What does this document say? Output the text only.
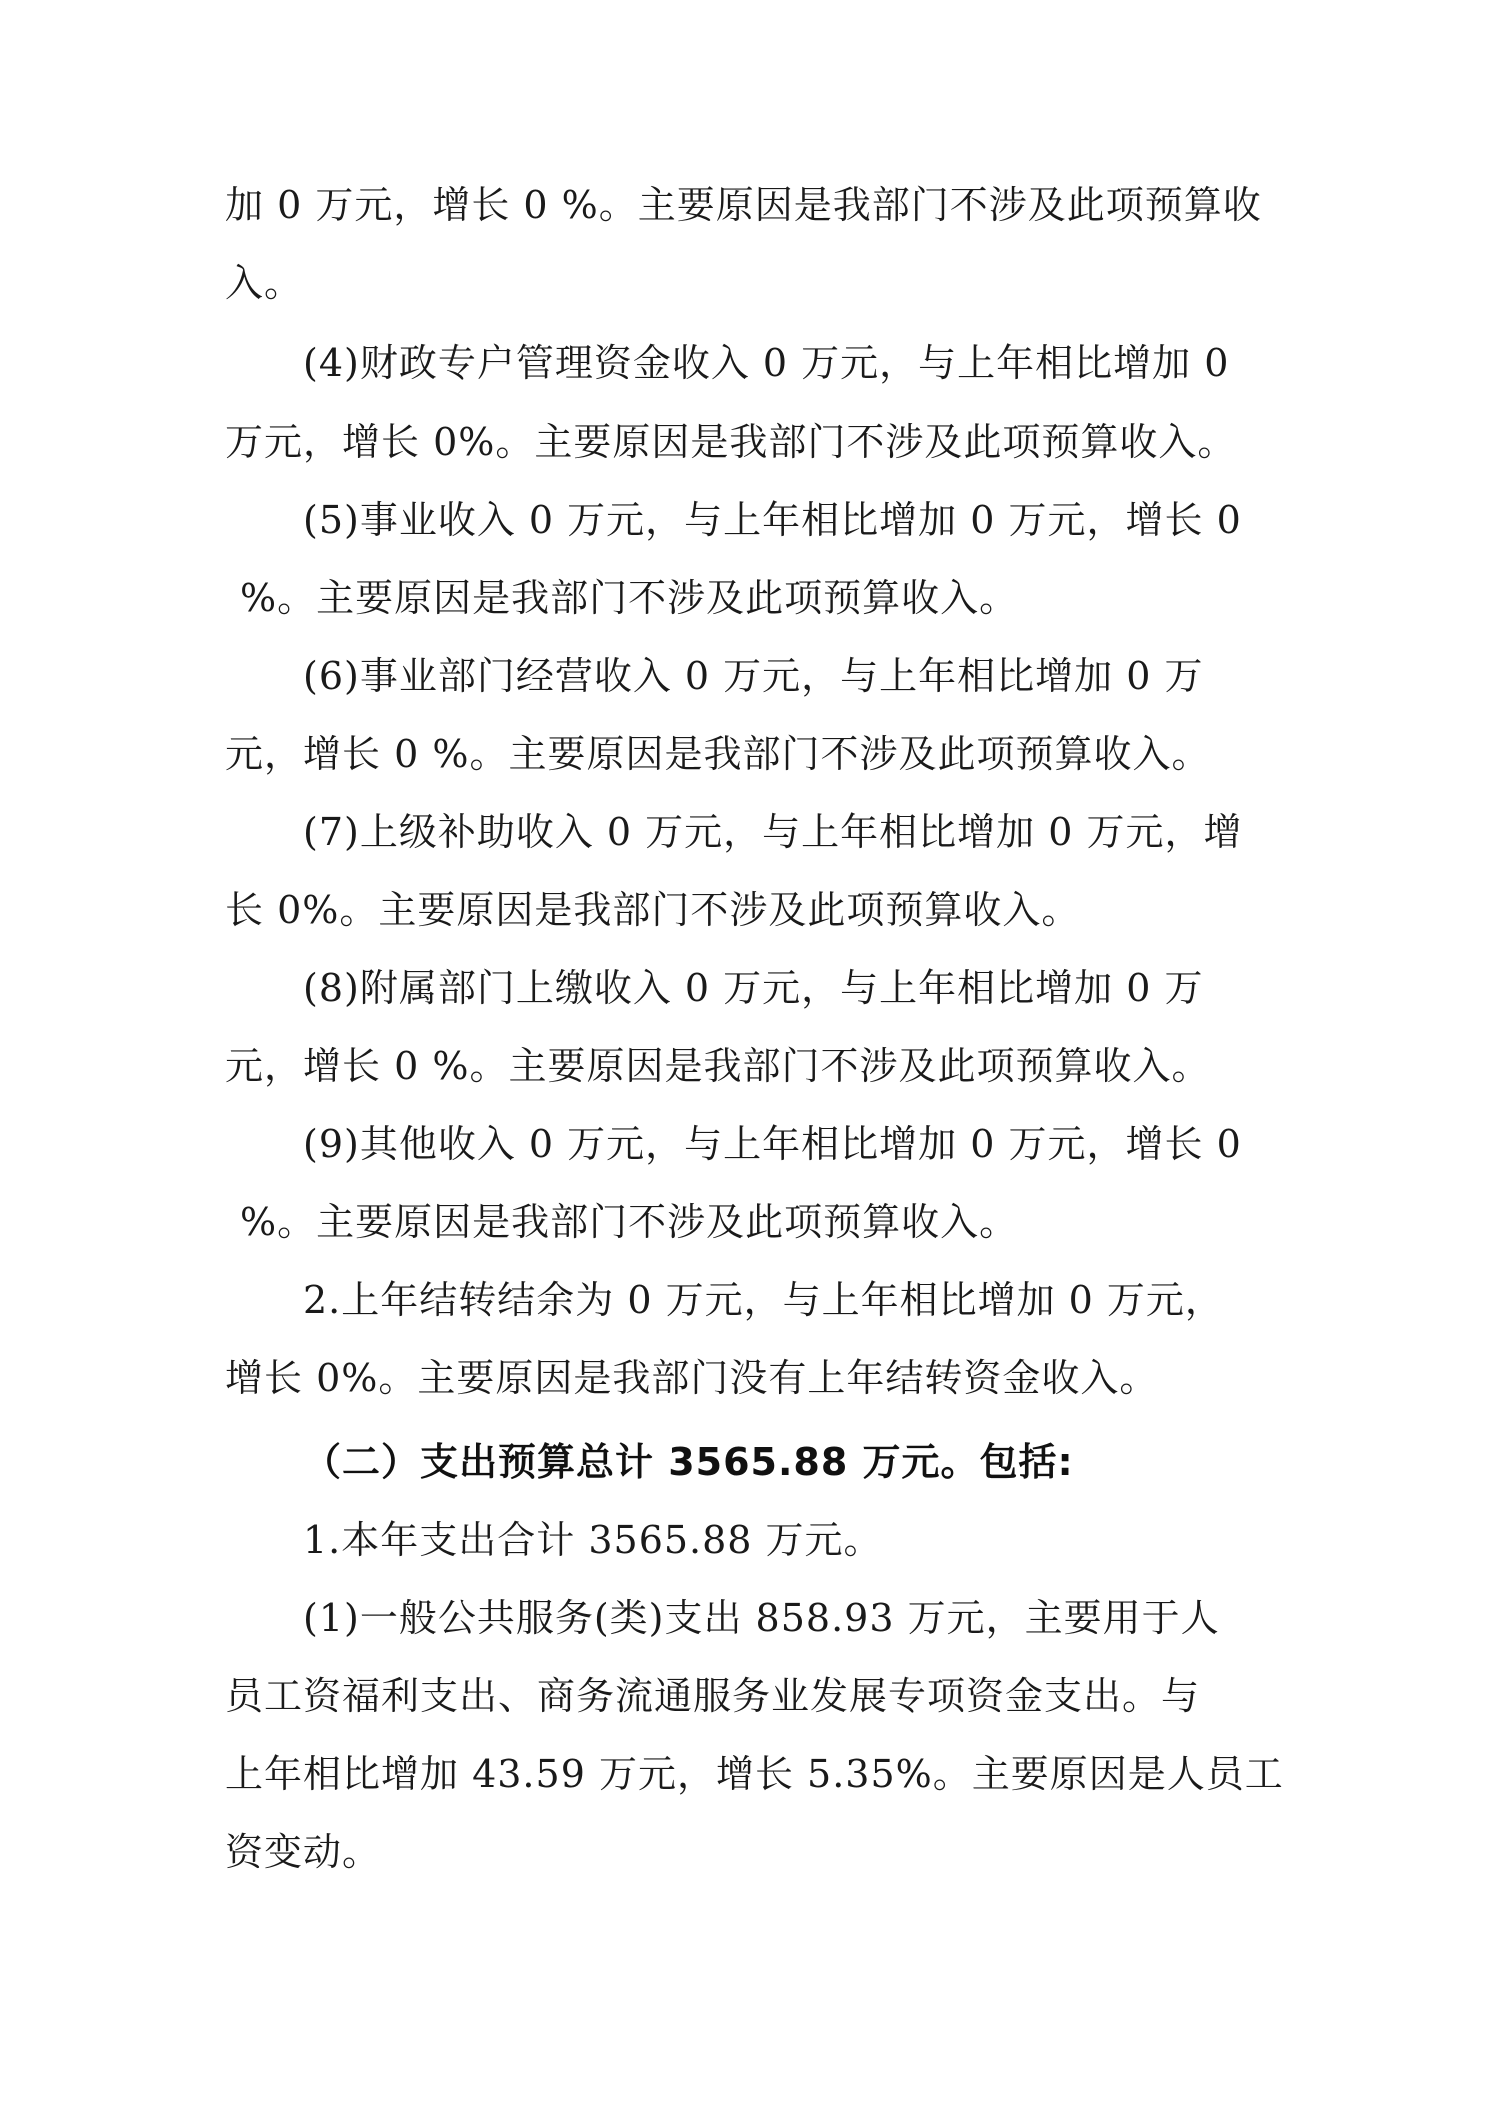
加 0 万元，增长 0 %。主要原因是我部门不涉及此项预算收
入。
(4)财政专户管理资金收入 0 万元，与上年相比增加 0
万元，增长 0%。主要原因是我部门不涉及此项预算收入。
(5)事业收入 0 万元，与上年相比增加 0 万元，增长 0
%。主要原因是我部门不涉及此项预算收入。
(6)事业部门经营收入 0 万元，与上年相比增加 0 万
元，增长 0 %。主要原因是我部门不涉及此项预算收入。
(7)上级补助收入 0 万元，与上年相比增加 0 万元，增
长 0%。主要原因是我部门不涉及此项预算收入。
(8)附属部门上缴收入 0 万元，与上年相比增加 0 万
元，增长 0 %。主要原因是我部门不涉及此项预算收入。
(9)其他收入 0 万元，与上年相比增加 0 万元，增长 0
%。主要原因是我部门不涉及此项预算收入。
2.上年结转结余为 0 万元，与上年相比增加 0 万元，
增长 0%。主要原因是我部门没有上年结转资金收入。
（二）支出预算总计 3565.88 万元。包括:
1.本年支出合计 3565.88 万元。
(1)一般公共服务(类)支出 858.93 万元，主要用于人
员工资福利支出、商务流通服务业发展专项资金支出。与
上年相比增加 43.59 万元，增长 5.35%。主要原因是人员工
资变动。
